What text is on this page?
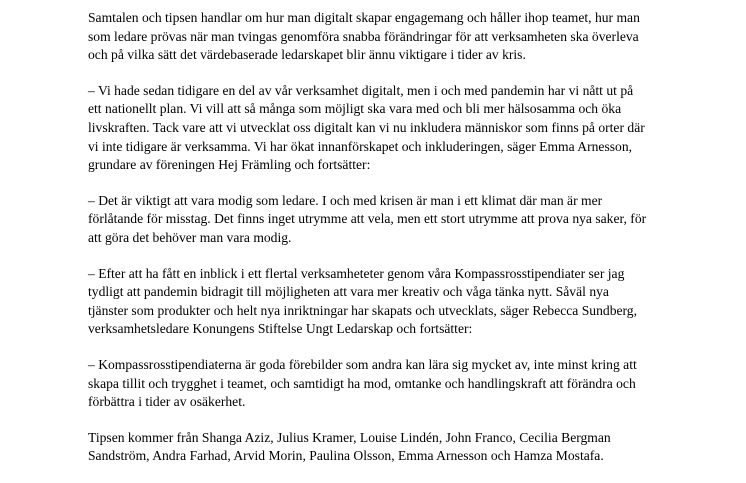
Samtalen och tipsen handlar om hur man digitalt skapar engagemang och håller ihop teamet, hur man
som ledare prövas när man tvingas genomföra snabba förändringar för att verksamheten ska överleva
och på vilka sätt det värdebaserade ledarskapet blir ännu viktigare i tider av kris.

– Vi hade sedan tidigare en del av vår verksamhet digitalt, men i och med pandemin har vi nått ut på
ett nationellt plan. Vi vill att så många som möjligt ska vara med och bli mer hälsosamma och öka
livskraften. Tack vare att vi utvecklat oss digitalt kan vi nu inkludera människor som finns på orter där
vi inte tidigare är verksamma. Vi har ökat innanförskapet och inkluderingen, säger Emma Arnesson,
grundare av föreningen Hej Främling och fortsätter:

– Det är viktigt att vara modig som ledare. I och med krisen är man i ett klimat där man är mer
förlåtande för misstag. Det finns inget utrymme att vela, men ett stort utrymme att prova nya saker, för
att göra det behöver man vara modig.

– Efter att ha fått en inblick i ett flertal verksamheteter genom våra Kompassrosstipendiater ser jag
tydligt att pandemin bidragit till möjligheten att vara mer kreativ och våga tänka nytt. Såväl nya
tjänster som produkter och helt nya inriktningar har skapats och utvecklats, säger Rebecca Sundberg,
verksamhetsledare Konungens Stiftelse Ungt Ledarskap och fortsätter:

– Kompassrosstipendiaterna är goda förebilder som andra kan lära sig mycket av, inte minst kring att
skapa tillit och trygghet i teamet, och samtidigt ha mod, omtanke och handlingskraft att förändra och
förbättra i tider av osäkerhet.

Tipsen kommer från Shanga Aziz, Julius Kramer, Louise Lindén, John Franco, Cecilia Bergman
Sandström, Andra Farhad, Arvid Morin, Paulina Olsson, Emma Arnesson och Hamza Mostafa.
